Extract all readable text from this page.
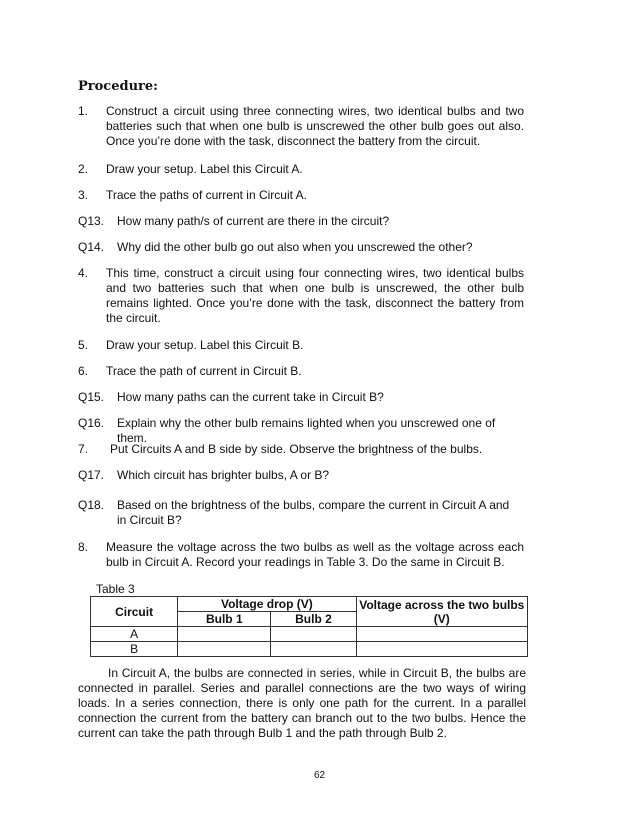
Procedure:
1. Construct a circuit using three connecting wires, two identical bulbs and two batteries such that when one bulb is unscrewed the other bulb goes out also. Once you’re done with the task, disconnect the battery from the circuit.
2. Draw your setup. Label this Circuit A.
3. Trace the paths of current in Circuit A.
Q13. How many path/s of current are there in the circuit?
Q14. Why did the other bulb go out also when you unscrewed the other?
4. This time, construct a circuit using four connecting wires, two identical bulbs and two batteries such that when one bulb is unscrewed, the other bulb remains lighted. Once you’re done with the task, disconnect the battery from the circuit.
5. Draw your setup. Label this Circuit B.
6. Trace the path of current in Circuit B.
Q15. How many paths can the current take in Circuit B?
Q16. Explain why the other bulb remains lighted when you unscrewed one of them.
7. Put Circuits A and B side by side. Observe the brightness of the bulbs.
Q17. Which circuit has brighter bulbs, A or B?
Q18. Based on the brightness of the bulbs, compare the current in Circuit A and in Circuit B?
8. Measure the voltage across the two bulbs as well as the voltage across each bulb in Circuit A. Record your readings in Table 3. Do the same in Circuit B.
Table 3
Circuit	Voltage drop (V)		Voltage across the two bulbs (V)
	Bulb 1	Bulb 2	
A			
B			
In Circuit A, the bulbs are connected in series, while in Circuit B, the bulbs are connected in parallel. Series and parallel connections are the two ways of wiring loads. In a series connection, there is only one path for the current. In a parallel connection the current from the battery can branch out to the two bulbs. Hence the current can take the path through Bulb 1 and the path through Bulb 2.
62
